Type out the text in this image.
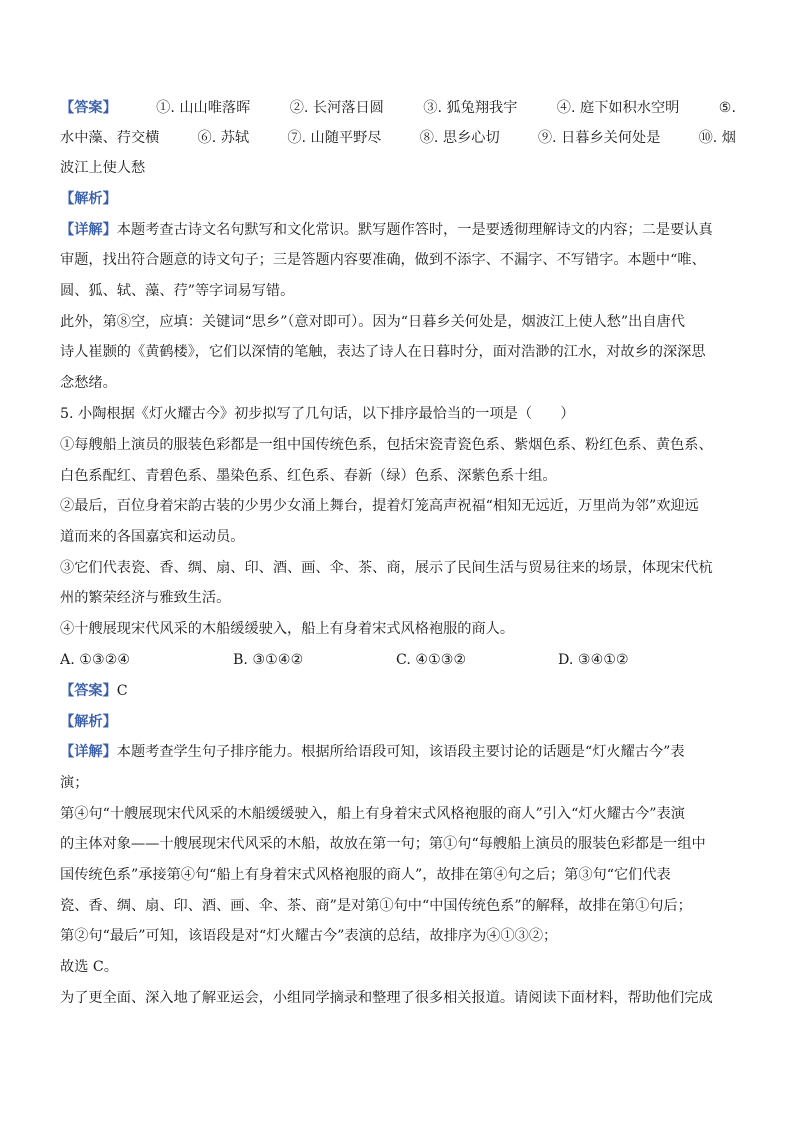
【答案】	①. 山山唯落晖	②. 长河落日圆	③. 狐兔翔我宇	④. 庭下如积水空明	⑤.
水中藻、荇交横	⑥. 苏轼	⑦. 山随平野尽	⑧. 思乡心切	⑨. 日暮乡关何处是	⑩. 烟
波江上使人愁
【解析】
【详解】本题考查古诗文名句默写和文化常识。默写题作答时，一是要透彻理解诗文的内容；二是要认真
审题，找出符合题意的诗文句子；三是答题内容要准确，做到不添字、不漏字、不写错字。本题中“唯、
圆、狐、轼、藻、荇”等字词易写错。
此外，第⑧空，应填：关键词“思乡”（意对即可）。因为“日暮乡关何处是，烟波江上使人愁”出自唐代
诗人崔颢的《黄鹤楼》，它们以深情的笔触，表达了诗人在日暮时分，面对浩渺的江水，对故乡的深深思
念愁绪。
5. 小陶根据《灯火耀古今》初步拟写了几句话，以下排序最恰当的一项是（　　）
①每艘船上演员的服装色彩都是一组中国传统色系，包括宋瓷青瓷色系、紫烟色系、粉红色系、黄色系、
白色系配红、青碧色系、墨染色系、红色系、春新（绿）色系、深紫色系十组。
②最后，百位身着宋韵古装的少男少女涌上舞台，提着灯笼高声祝福“相知无远近，万里尚为邻”欢迎远
道而来的各国嘉宾和运动员。
③它们代表瓷、香、绸、扇、印、酒、画、伞、茶、商，展示了民间生活与贸易往来的场景，体现宋代杭
州的繁荣经济与雅致生活。
④十艘展现宋代风采的木船缓缓驶入，船上有身着宋式风格袍服的商人。
A. ①③②④	B. ③①④②	C. ④①③②	D. ③④①②
【答案】C
【解析】
【详解】本题考查学生句子排序能力。根据所给语段可知，该语段主要讨论的话题是“灯火耀古今”表
演；
第④句“十艘展现宋代风采的木船缓缓驶入，船上有身着宋式风格袍服的商人”引入“灯火耀古今”表演
的主体对象——十艘展现宋代风采的木船，故放在第一句；第①句“每艘船上演员的服装色彩都是一组中
国传统色系”承接第④句“船上有身着宋式风格袍服的商人”，故排在第④句之后；第③句“它们代表
瓷、香、绸、扇、印、酒、画、伞、茶、商”是对第①句中“中国传统色系”的解释，故排在第①句后；
第②句“最后”可知，该语段是对“灯火耀古今”表演的总结，故排序为④①③②；
故选 C。
为了更全面、深入地了解亚运会，小组同学摘录和整理了很多相关报道。请阅读下面材料，帮助他们完成
